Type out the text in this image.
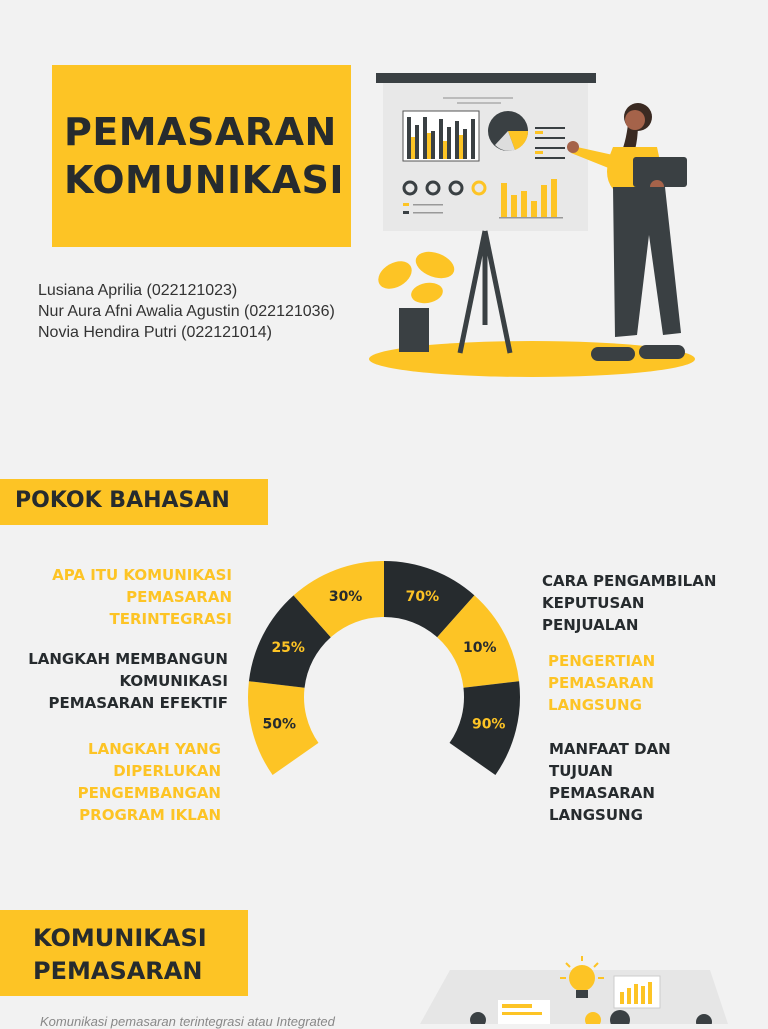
PEMASARAN
KOMUNIKASI
Lusiana Aprilia (022121023)
Nur Aura Afni Awalia Agustin (022121036)
Novia Hendira Putri (022121014)
POKOK BAHASAN
APA ITU KOMUNIKASI
PEMASARAN
TERINTEGRASI
LANGKAH MEMBANGUN
KOMUNIKASI
PEMASARAN EFEKTIF
LANGKAH YANG
DIPERLUKAN
PENGEMBANGAN
PROGRAM IKLAN
CARA PENGAMBILAN
KEPUTUSAN
PENJUALAN
PENGERTIAN
PEMASARAN
LANGSUNG
MANFAAT DAN
TUJUAN
PEMASARAN
LANGSUNG
50%
25%
30%	70%
10%
90%
KOMUNIKASI
PEMASARAN
Komunikasi pemasaran terintegrasi atau Integrated
